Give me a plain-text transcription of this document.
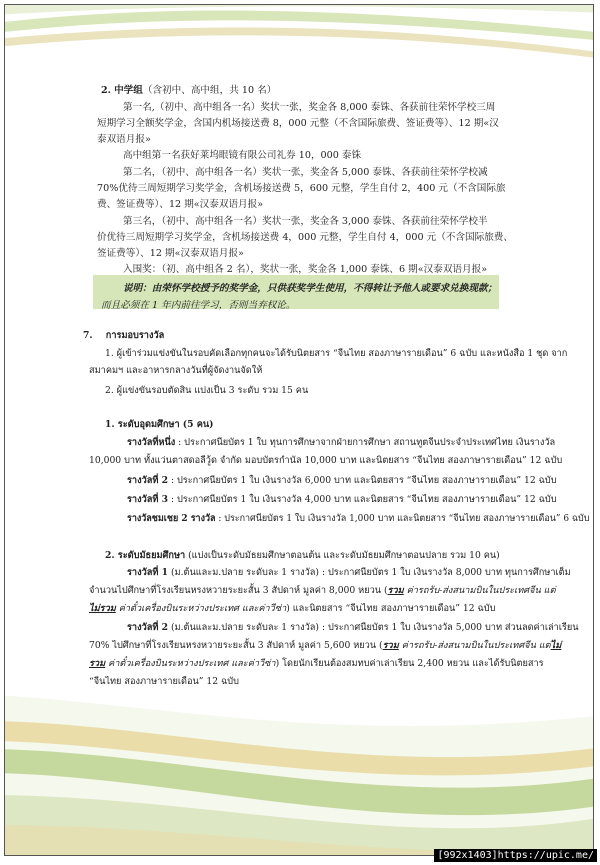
2. 中学组（含初中、高中组，共 10 名）
第一名,（初中、高中组各一名）奖状一张，奖金各 8,000 泰铢、各获前往荣怀学校三周
短期学习全额奖学金，含国内机场接送费 8，000 元整（不含国际旅费、签证费等）、12 期«汉
泰双语月报»
高中组第一名获好莱坞眼镜有限公司礼券 10，000 泰铢
第二名，（初中、高中组各一名）奖状一张，奖金各 5,000 泰铢、各获前往荣怀学校减
70%优待三周短期学习奖学金，含机场接送费 5，600 元整，学生自付 2，400 元（不含国际旅
费、签证费等）、12 期«汉泰双语月报»
第三名，（初中、高中组各一名）奖状一张，奖金各 3,000 泰铢、各获前往荣怀学校半
价优待三周短期学习奖学金，含机场接送费 4，000 元整，学生自付 4，000 元（不含国际旅费、
签证费等）、12 期«汉泰双语月报»
入围奖：（初、高中组各 2 名），奖状一张，奖金各 1,000 泰铢、6 期«汉泰双语月报»
说明：由荣怀学校授予的奖学金，只供获奖学生使用，不得转让予他人或要求兑换现款；
而且必须在 1 年内前往学习，否则当弃权论。
7. การมอบรางวัล
1. ผู้เข้าร่วมแข่งขันในรอบคัดเลือกทุกคนจะได้รับนิตยสาร “จีนไทย สองภาษารายเดือน” 6 ฉบับ และหนังสือ 1 ชุด จาก
สมาคมฯ และอาหารกลางวันที่ผู้จัดงานจัดให้
2. ผู้แข่งขันรอบตัดสิน แบ่งเป็น 3 ระดับ รวม 15 คน
1. ระดับอุดมศึกษา (5 คน)
รางวัลที่หนึ่ง : ประกาศนียบัตร 1 ใบ ทุนการศึกษาจากฝ่ายการศึกษา สถานทูตจีนประจำประเทศไทย เงินรางวัล
10,000 บาท ทั้งแว่นตาสดอลีวู้ด จำกัด มอบบัตรกำนัล 10,000 บาท และนิตยสาร “จีนไทย สองภาษารายเดือน” 12 ฉบับ
รางวัลที่ 2 : ประกาศนียบัตร 1 ใบ เงินรางวัล 6,000 บาท และนิตยสาร “จีนไทย สองภาษารายเดือน” 12 ฉบับ
รางวัลที่ 3 : ประกาศนียบัตร 1 ใบ เงินรางวัล 4,000 บาท และนิตยสาร “จีนไทย สองภาษารายเดือน” 12 ฉบับ
รางวัลชมเชย 2 รางวัล : ประกาศนียบัตร 1 ใบ เงินรางวัล 1,000 บาท และนิตยสาร “จีนไทย สองภาษารายเดือน” 6 ฉบับ
2. ระดับมัธยมศึกษา (แบ่งเป็นระดับมัธยมศึกษาตอนต้น และระดับมัธยมศึกษาตอนปลาย รวม 10 คน)
รางวัลที่ 1 (ม.ต้นและม.ปลาย ระดับละ 1 รางวัล) : ประกาศนียบัตร 1 ใบ เงินรางวัล 8,000 บาท ทุนการศึกษาเต็ม
จำนวนไปศึกษาที่โรงเรียนหรงหวายระยะสั้น 3 สัปดาห์ มูลค่า 8,000 หยวน (รวม ค่ารถรับ-ส่งสนามบินในประเทศจีน แต่
ไม่รวม ค่าตั๋วเครื่องบินระหว่างประเทศ และค่าวีซ่า) และนิตยสาร “จีนไทย สองภาษารายเดือน” 12 ฉบับ
รางวัลที่ 2 (ม.ต้นและม.ปลาย ระดับละ 1 รางวัล) : ประกาศนียบัตร 1 ใบ เงินรางวัล 5,000 บาท ส่วนลดค่าเล่าเรียน
70% ไปศึกษาที่โรงเรียนหรงหวายระยะสั้น 3 สัปดาห์ มูลค่า 5,600 หยวน (รวม ค่ารถรับ-ส่งสนามบินในประเทศจีน แต่ไม่
รวม ค่าตั๋วเครื่องบินระหว่างประเทศ และค่าวีซ่า) โดยนักเรียนต้องสมทบค่าเล่าเรียน 2,400 หยวน และได้รับนิตยสาร
“จีนไทย สองภาษารายเดือน” 12 ฉบับ
[992x1403]https://upic.me/
